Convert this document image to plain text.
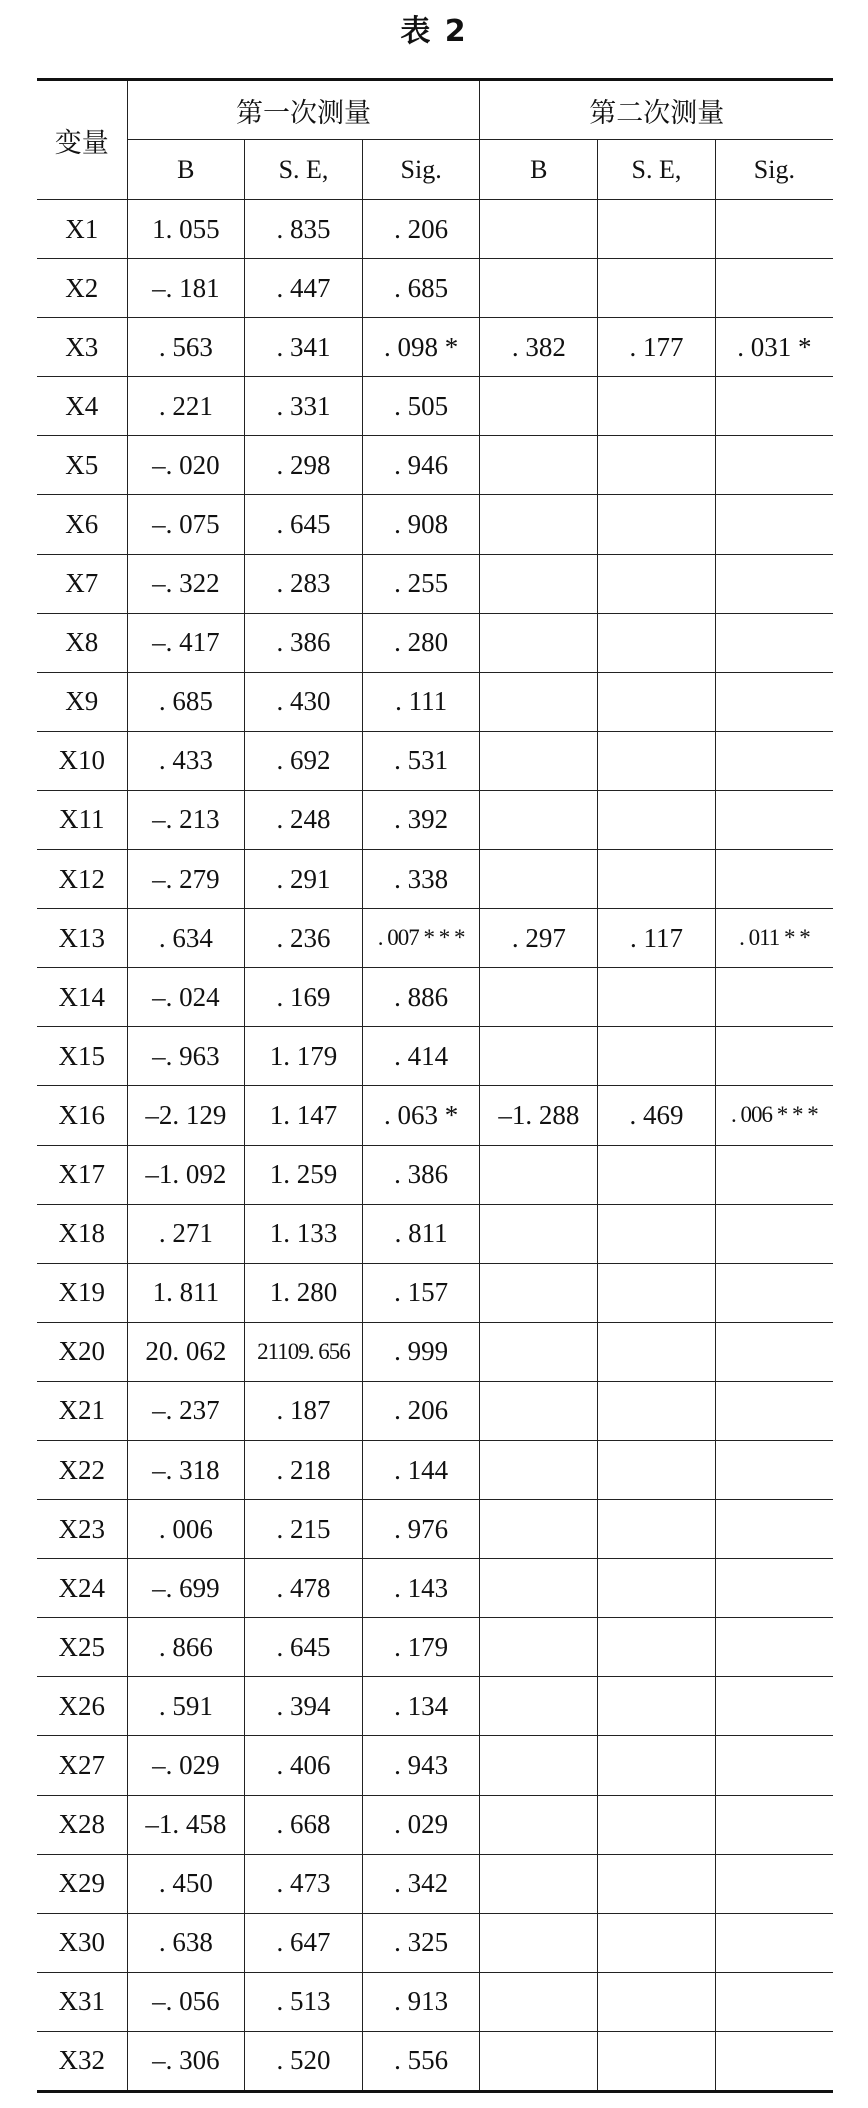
表 2
变量	第一次测量			第二次测量		
	B	S. E,	Sig.	B	S. E,	Sig.
X1	1. 055	. 835	. 206			
X2	–. 181	. 447	. 685			
X3	. 563	. 341	. 098 *	. 382	. 177	. 031 *
X4	. 221	. 331	. 505			
X5	–. 020	. 298	. 946			
X6	–. 075	. 645	. 908			
X7	–. 322	. 283	. 255			
X8	–. 417	. 386	. 280			
X9	. 685	. 430	. 111			
X10	. 433	. 692	. 531			
X11	–. 213	. 248	. 392			
X12	–. 279	. 291	. 338			
X13	. 634	. 236	. 007 * * *	. 297	. 117	. 011 * *
X14	–. 024	. 169	. 886			
X15	–. 963	1. 179	. 414			
X16	–2. 129	1. 147	. 063 *	–1. 288	. 469	. 006 * * *
X17	–1. 092	1. 259	. 386			
X18	. 271	1. 133	. 811			
X19	1. 811	1. 280	. 157			
X20	20. 062	21109. 656	. 999			
X21	–. 237	. 187	. 206			
X22	–. 318	. 218	. 144			
X23	. 006	. 215	. 976			
X24	–. 699	. 478	. 143			
X25	. 866	. 645	. 179			
X26	. 591	. 394	. 134			
X27	–. 029	. 406	. 943			
X28	–1. 458	. 668	. 029			
X29	. 450	. 473	. 342			
X30	. 638	. 647	. 325			
X31	–. 056	. 513	. 913			
X32	–. 306	. 520	. 556			
